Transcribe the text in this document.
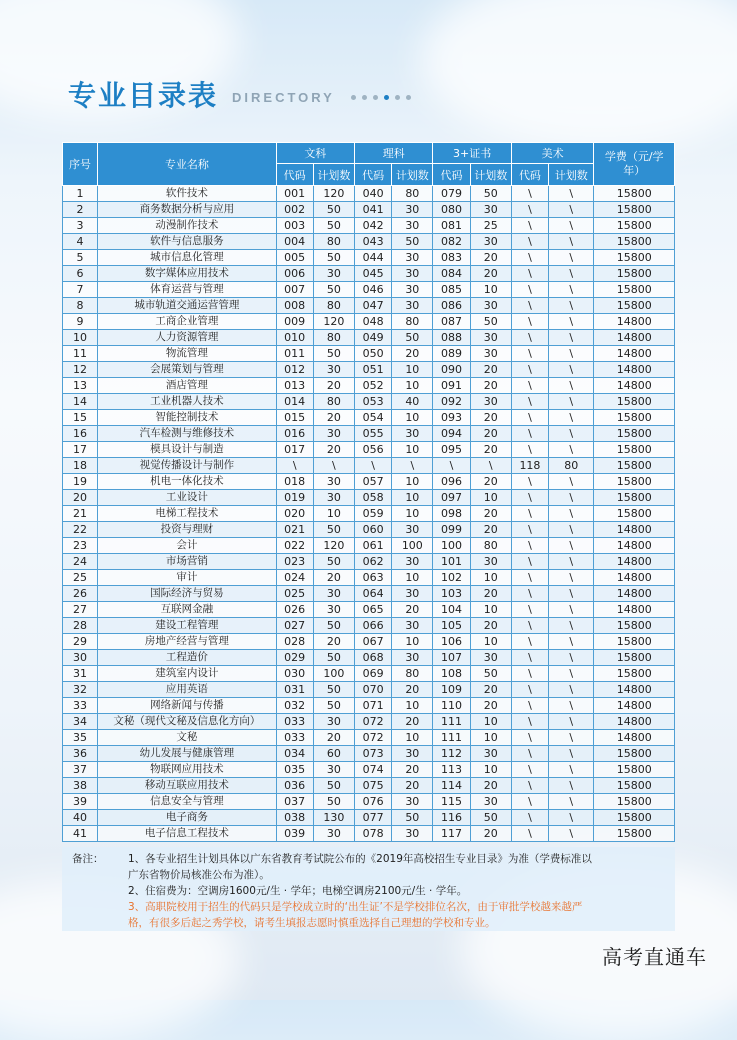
专业目录表 DIRECTORY
序号	专业名称	文科		理科		3+证书		美术		学费（元/学年）

		代码	计划数	代码	计划数	代码	计划数	代码	计划数	
1	软件技术	001	120	040	80	079	50	\	\	15800
2	商务数据分析与应用	002	50	041	30	080	30	\	\	15800
3	动漫制作技术	003	50	042	30	081	25	\	\	15800
4	软件与信息服务	004	80	043	50	082	30	\	\	15800
5	城市信息化管理	005	50	044	30	083	20	\	\	15800
6	数字媒体应用技术	006	30	045	30	084	20	\	\	15800
7	体育运营与管理	007	50	046	30	085	10	\	\	15800
8	城市轨道交通运营管理	008	80	047	30	086	30	\	\	15800
9	工商企业管理	009	120	048	80	087	50	\	\	14800
10	人力资源管理	010	80	049	50	088	30	\	\	14800
11	物流管理	011	50	050	20	089	30	\	\	14800
12	会展策划与管理	012	30	051	10	090	20	\	\	14800
13	酒店管理	013	20	052	10	091	20	\	\	14800
14	工业机器人技术	014	80	053	40	092	30	\	\	15800
15	智能控制技术	015	20	054	10	093	20	\	\	15800
16	汽车检测与维修技术	016	30	055	30	094	20	\	\	15800
17	模具设计与制造	017	20	056	10	095	20	\	\	15800
18	视觉传播设计与制作	\	\	\	\	\	\	118	80	15800
19	机电一体化技术	018	30	057	10	096	20	\	\	15800
20	工业设计	019	30	058	10	097	10	\	\	15800
21	电梯工程技术	020	10	059	10	098	20	\	\	15800
22	投资与理财	021	50	060	30	099	20	\	\	14800
23	会计	022	120	061	100	100	80	\	\	14800
24	市场营销	023	50	062	30	101	30	\	\	14800
25	审计	024	20	063	10	102	10	\	\	14800
26	国际经济与贸易	025	30	064	30	103	20	\	\	14800
27	互联网金融	026	30	065	20	104	10	\	\	14800
28	建设工程管理	027	50	066	30	105	20	\	\	15800
29	房地产经营与管理	028	20	067	10	106	10	\	\	15800
30	工程造价	029	50	068	30	107	30	\	\	15800
31	建筑室内设计	030	100	069	80	108	50	\	\	15800
32	应用英语	031	50	070	20	109	20	\	\	14800
33	网络新闻与传播	032	50	071	10	110	20	\	\	14800
34	文秘（现代文秘及信息化方向）	033	30	072	20	111	10	\	\	14800
35	文秘	033	20	072	10	111	10	\	\	14800
36	幼儿发展与健康管理	034	60	073	30	112	30	\	\	15800
37	物联网应用技术	035	30	074	20	113	10	\	\	15800
38	移动互联应用技术	036	50	075	20	114	20	\	\	15800
39	信息安全与管理	037	50	076	30	115	30	\	\	15800
40	电子商务	038	130	077	50	116	50	\	\	15800
41	电子信息工程技术	039	30	078	30	117	20	\	\	15800
备注：	1、各专业招生计划具体以广东省教育考试院公布的《2019年高校招生专业目录》为准（学费标准以
广东省物价局核准公布为准）。
2、住宿费为：空调房1600元/生 · 学年；电梯空调房2100元/生 · 学年。
3、高职院校用于招生的代码只是学校成立时的‘出生证’不是学校排位名次，由于审批学校越来越严
格，有很多后起之秀学校，请考生填报志愿时慎重选择自己理想的学校和专业。
高考直通车
